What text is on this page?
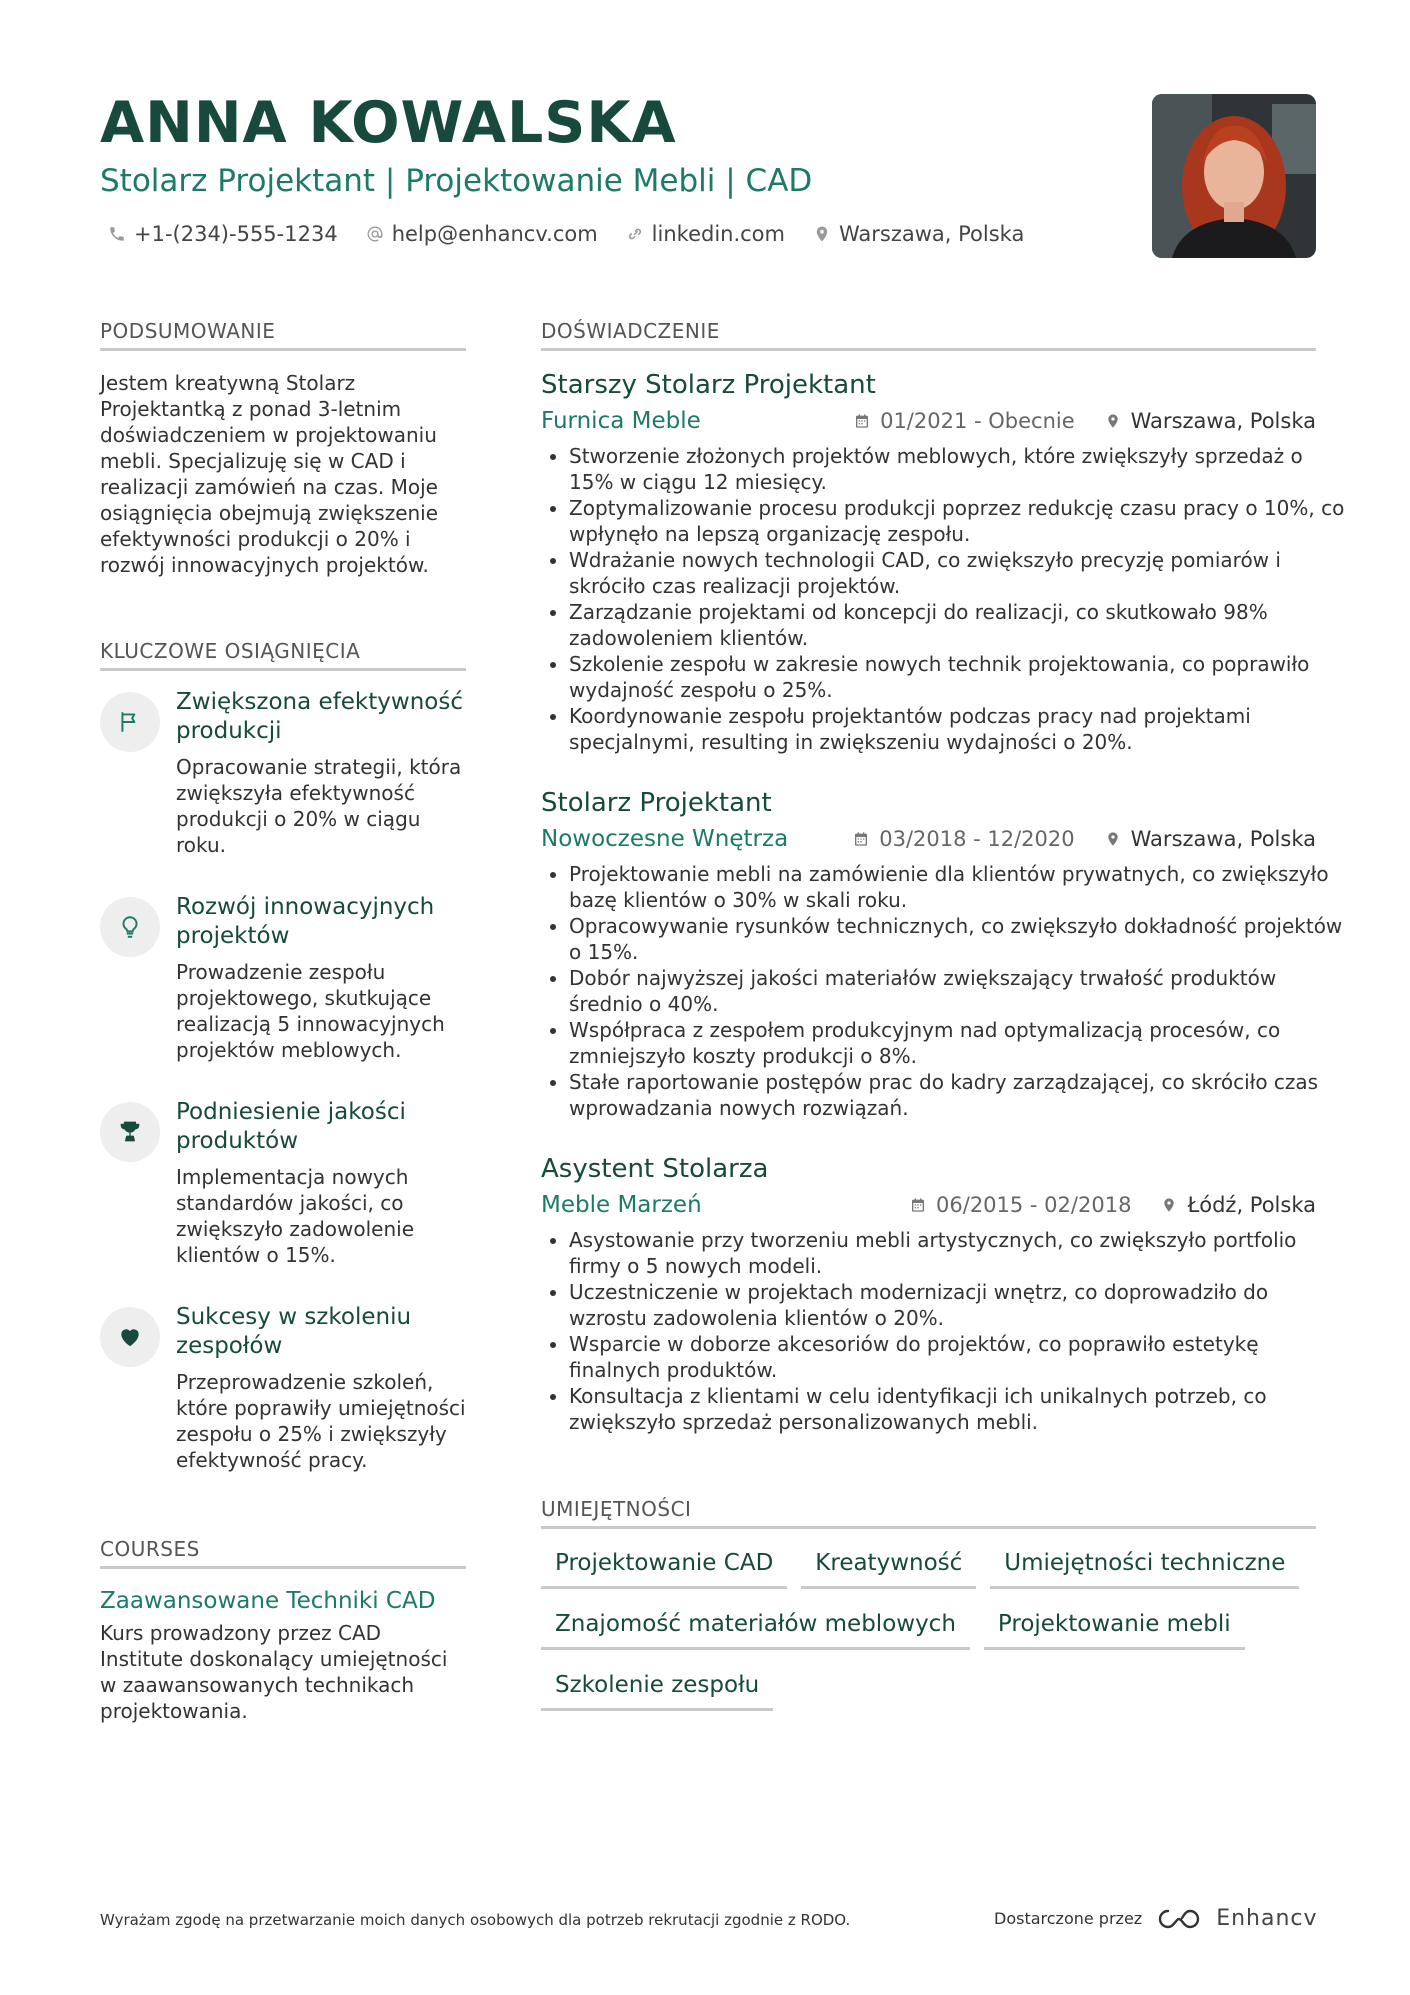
ANNA KOWALSKA
Stolarz Projektant | Projektowanie Mebli | CAD
+1-(234)-555-1234	help@enhancv.com	linkedin.com	Warszawa, Polska
PODSUMOWANIE
Jestem kreatywną Stolarz Projektantką z ponad 3-letnim doświadczeniem w projektowaniu mebli. Specjalizuję się w CAD i realizacji zamówień na czas. Moje osiągnięcia obejmują zwiększenie efektywności produkcji o 20% i rozwój innowacyjnych projektów.
KLUCZOWE OSIĄGNIĘCIA
Zwiększona efektywność produkcji
Opracowanie strategii, która zwiększyła efektywność produkcji o 20% w ciągu roku.
Rozwój innowacyjnych projektów
Prowadzenie zespołu projektowego, skutkujące realizacją 5 innowacyjnych projektów meblowych.
Podniesienie jakości produktów
Implementacja nowych standardów jakości, co zwiększyło zadowolenie klientów o 15%.
Sukcesy w szkoleniu zespołów
Przeprowadzenie szkoleń, które poprawiły umiejętności zespołu o 25% i zwiększyły efektywność pracy.
COURSES
Zaawansowane Techniki CAD
Kurs prowadzony przez CAD Institute doskonalący umiejętności w zaawansowanych technikach projektowania.
DOŚWIADCZENIE
Starszy Stolarz Projektant
Furnica Meble	01/2021 - Obecnie	Warszawa, Polska
• Stworzenie złożonych projektów meblowych, które zwiększyły sprzedaż o 15% w ciągu 12 miesięcy.
• Zoptymalizowanie procesu produkcji poprzez redukcję czasu pracy o 10%, co wpłynęło na lepszą organizację zespołu.
• Wdrażanie nowych technologii CAD, co zwiększyło precyzję pomiarów i skróciło czas realizacji projektów.
• Zarządzanie projektami od koncepcji do realizacji, co skutkowało 98% zadowoleniem klientów.
• Szkolenie zespołu w zakresie nowych technik projektowania, co poprawiło wydajność zespołu o 25%.
• Koordynowanie zespołu projektantów podczas pracy nad projektami specjalnymi, resulting in zwiększeniu wydajności o 20%.
Stolarz Projektant
Nowoczesne Wnętrza	03/2018 - 12/2020	Warszawa, Polska
• Projektowanie mebli na zamówienie dla klientów prywatnych, co zwiększyło bazę klientów o 30% w skali roku.
• Opracowywanie rysunków technicznych, co zwiększyło dokładność projektów o 15%.
• Dobór najwyższej jakości materiałów zwiększający trwałość produktów średnio o 40%.
• Współpraca z zespołem produkcyjnym nad optymalizacją procesów, co zmniejszyło koszty produkcji o 8%.
• Stałe raportowanie postępów prac do kadry zarządzającej, co skróciło czas wprowadzania nowych rozwiązań.
Asystent Stolarza
Meble Marzeń	06/2015 - 02/2018	Łódź, Polska
• Asystowanie przy tworzeniu mebli artystycznych, co zwiększyło portfolio firmy o 5 nowych modeli.
• Uczestniczenie w projektach modernizacji wnętrz, co doprowadziło do wzrostu zadowolenia klientów o 20%.
• Wsparcie w doborze akcesoriów do projektów, co poprawiło estetykę finalnych produktów.
• Konsultacja z klientami w celu identyfikacji ich unikalnych potrzeb, co zwiększyło sprzedaż personalizowanych mebli.
UMIEJĘTNOŚCI
Projektowanie CAD	Kreatywność	Umiejętności techniczne
Znajomość materiałów meblowych	Projektowanie mebli
Szkolenie zespołu
Wyrażam zgodę na przetwarzanie moich danych osobowych dla potrzeb rekrutacji zgodnie z RODO.	Dostarczone przez	Enhancv
